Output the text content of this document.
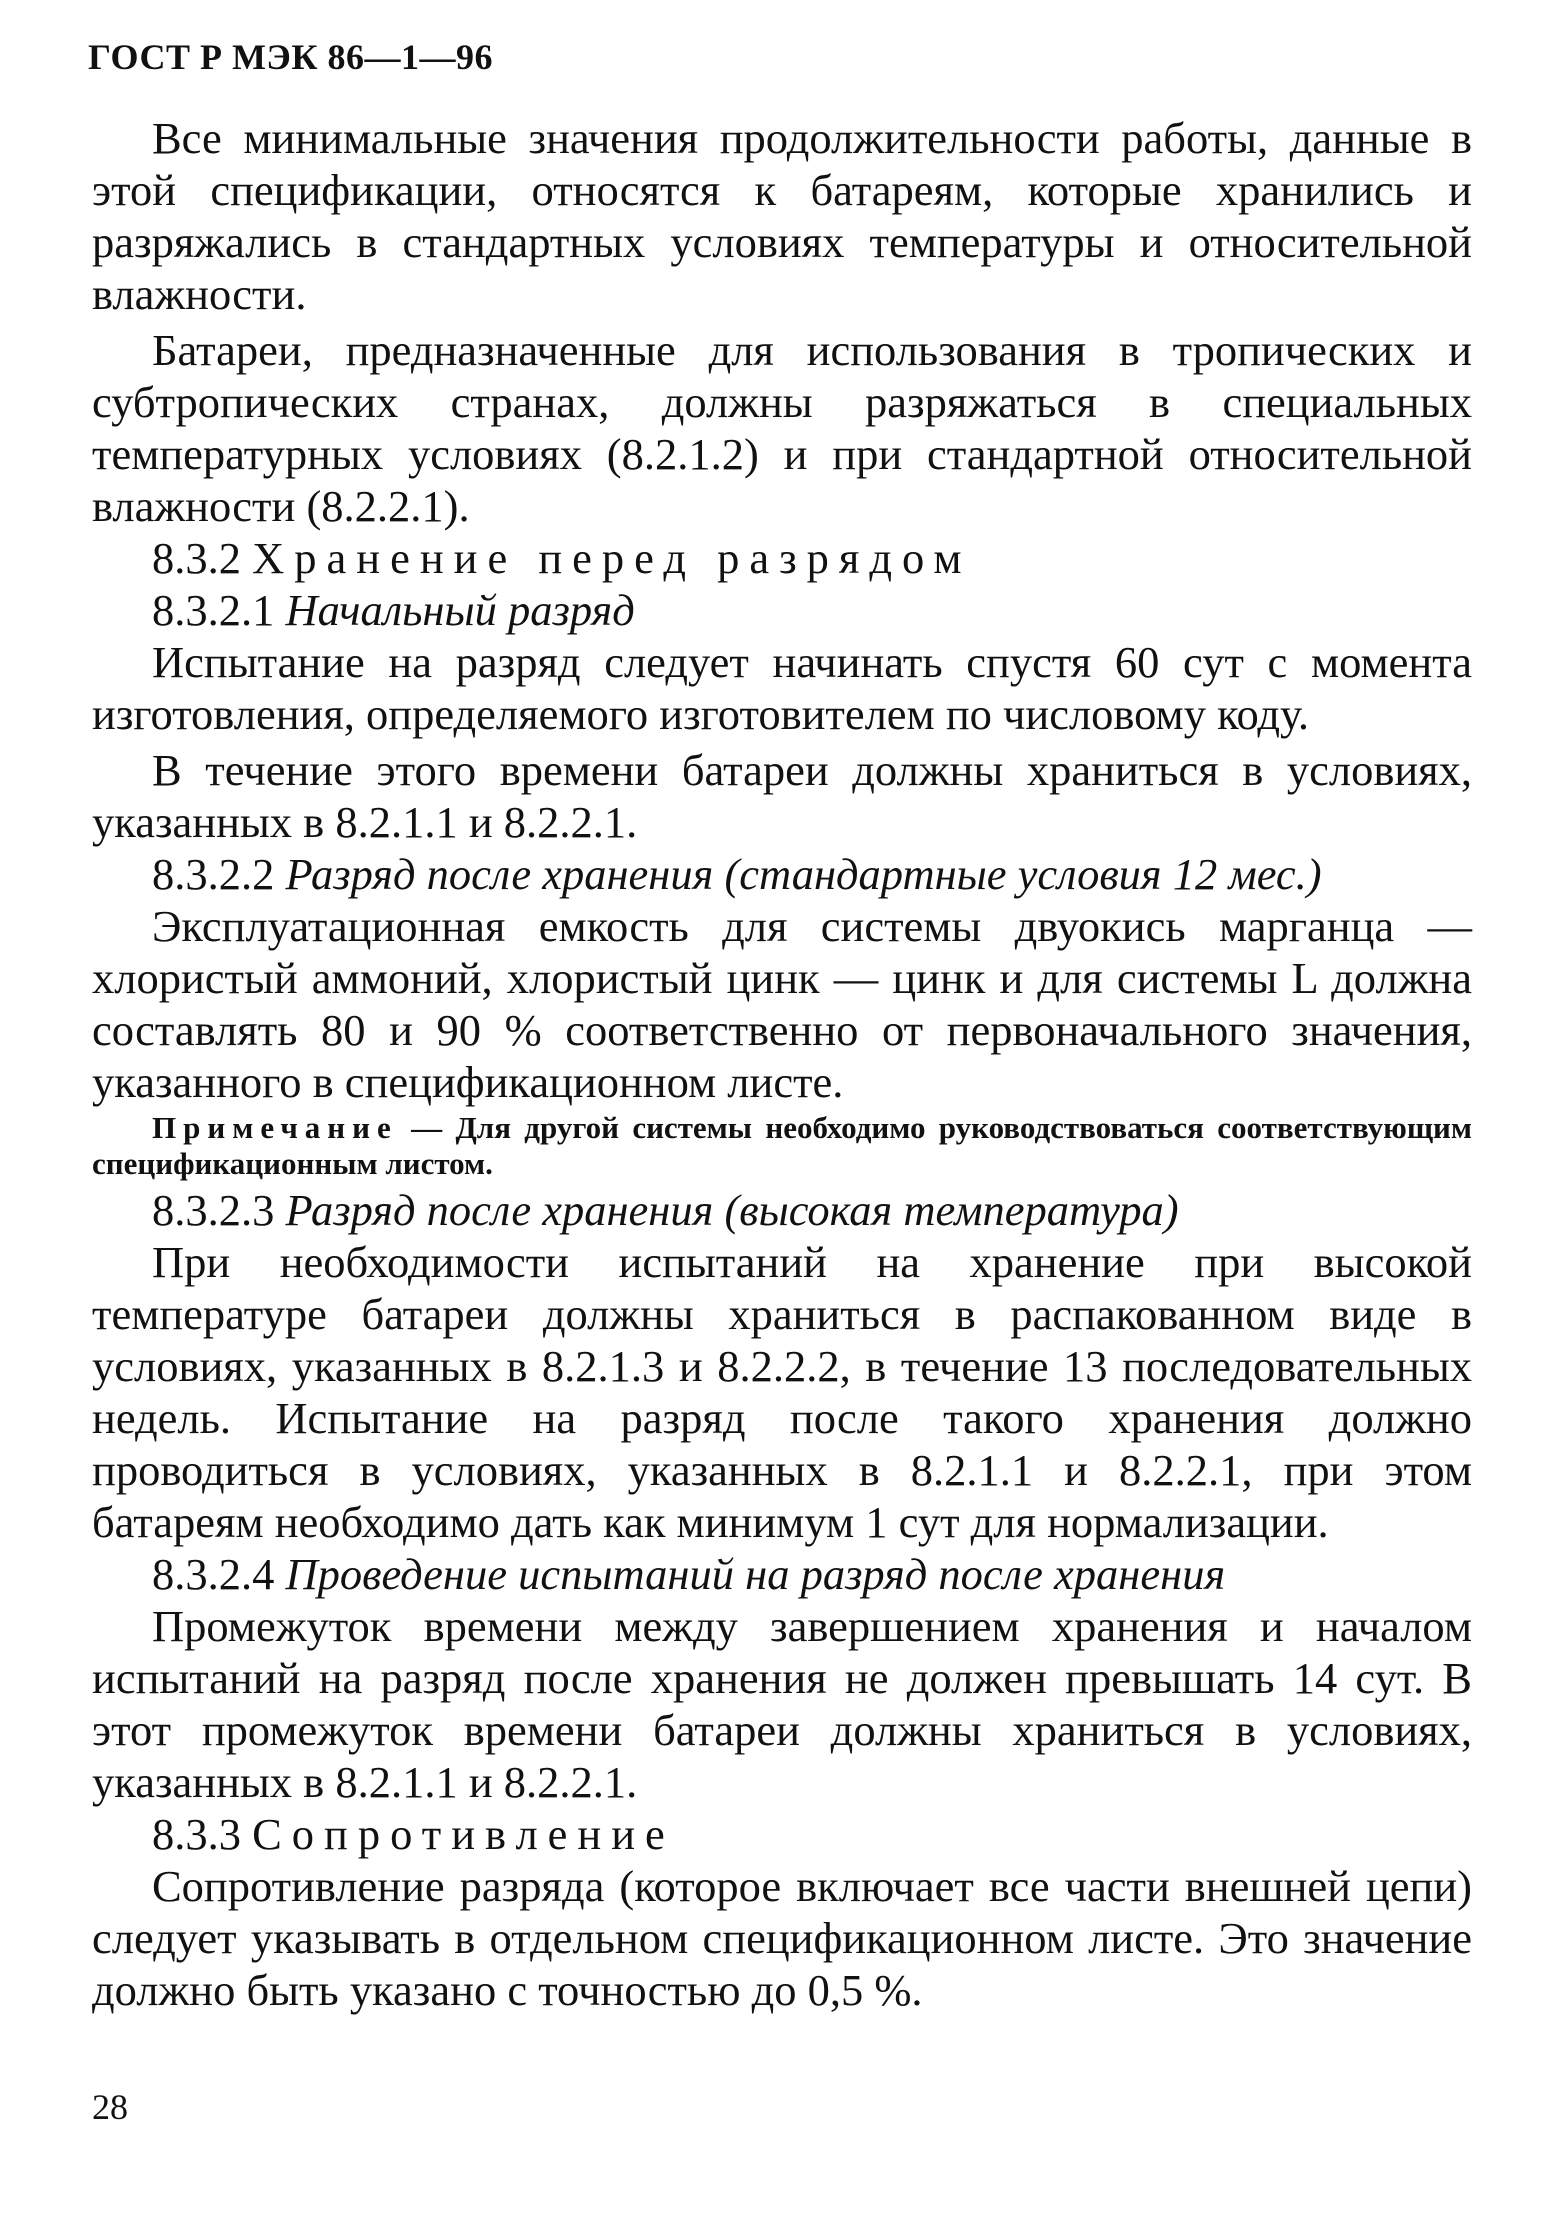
ГОСТ Р МЭК 86—1—96

Все минимальные значения продолжительности работы, данные в этой спецификации, относятся к батареям, которые хранились и разряжались в стандартных условиях температуры и относительной влажности.

Батареи, предназначенные для использования в тропических и субтропических странах, должны разряжаться в специальных температурных условиях (8.2.1.2) и при стандартной относительной влажности (8.2.2.1).

8.3.2 Хранение перед разрядом
8.3.2.1 Начальный разряд

Испытание на разряд следует начинать спустя 60 сут с момента изготовления, определяемого изготовителем по числовому коду.

В течение этого времени батареи должны храниться в условиях, указанных в 8.2.1.1 и 8.2.2.1.

8.3.2.2 Разряд после хранения (стандартные условия 12 мес.)

Эксплуатационная емкость для системы двуокись марганца — хлористый аммоний, хлористый цинк — цинк и для системы L должна составлять 80 и 90 % соответственно от первоначального значения, указанного в спецификационном листе.

Примечание — Для другой системы необходимо руководствоваться соответствующим спецификационным листом.
8.3.2.3 Разряд после хранения (высокая температура)

При необходимости испытаний на хранение при высокой температуре батареи должны храниться в распакованном виде в условиях, указанных в 8.2.1.3 и 8.2.2.2, в течение 13 последовательных недель. Испытание на разряд после такого хранения должно проводиться в условиях, указанных в 8.2.1.1 и 8.2.2.1, при этом батареям необходимо дать как минимум 1 сут для нормализации.

8.3.2.4 Проведение испытаний на разряд после хранения

Промежуток времени между завершением хранения и началом испытаний на разряд после хранения не должен превышать 14 сут. В этот промежуток времени батареи должны храниться в условиях, указанных в 8.2.1.1 и 8.2.2.1.

8.3.3 Сопротивление

Сопротивление разряда (которое включает все части внешней цепи) следует указывать в отдельном спецификационном листе. Это значение должно быть указано с точностью до 0,5 %.

28
